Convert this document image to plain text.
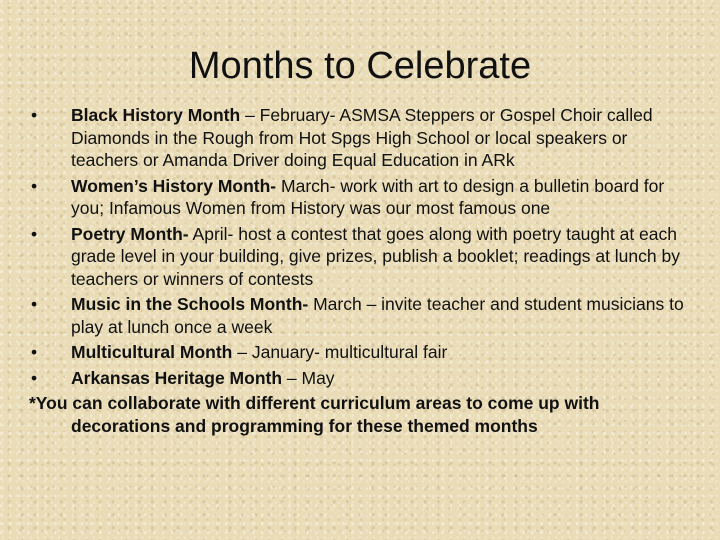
Months to Celebrate
•	Black History Month – February- ASMSA Steppers or Gospel Choir called Diamonds in the Rough from Hot Spgs High School or local speakers or teachers or Amanda Driver doing Equal Education in ARk
•	Women’s History Month- March- work with art to design a bulletin board for you; Infamous Women from History was our most famous one
•	Poetry Month- April- host a contest that goes along with poetry taught at each grade level in your building, give prizes, publish a booklet; readings at lunch by teachers or winners of contests
•	Music in the Schools Month- March – invite teacher and student musicians to play at lunch once a week
•	Multicultural Month – January- multicultural fair
•	Arkansas Heritage Month – May
*You can collaborate with different curriculum areas to come up with decorations and programming for these themed months
